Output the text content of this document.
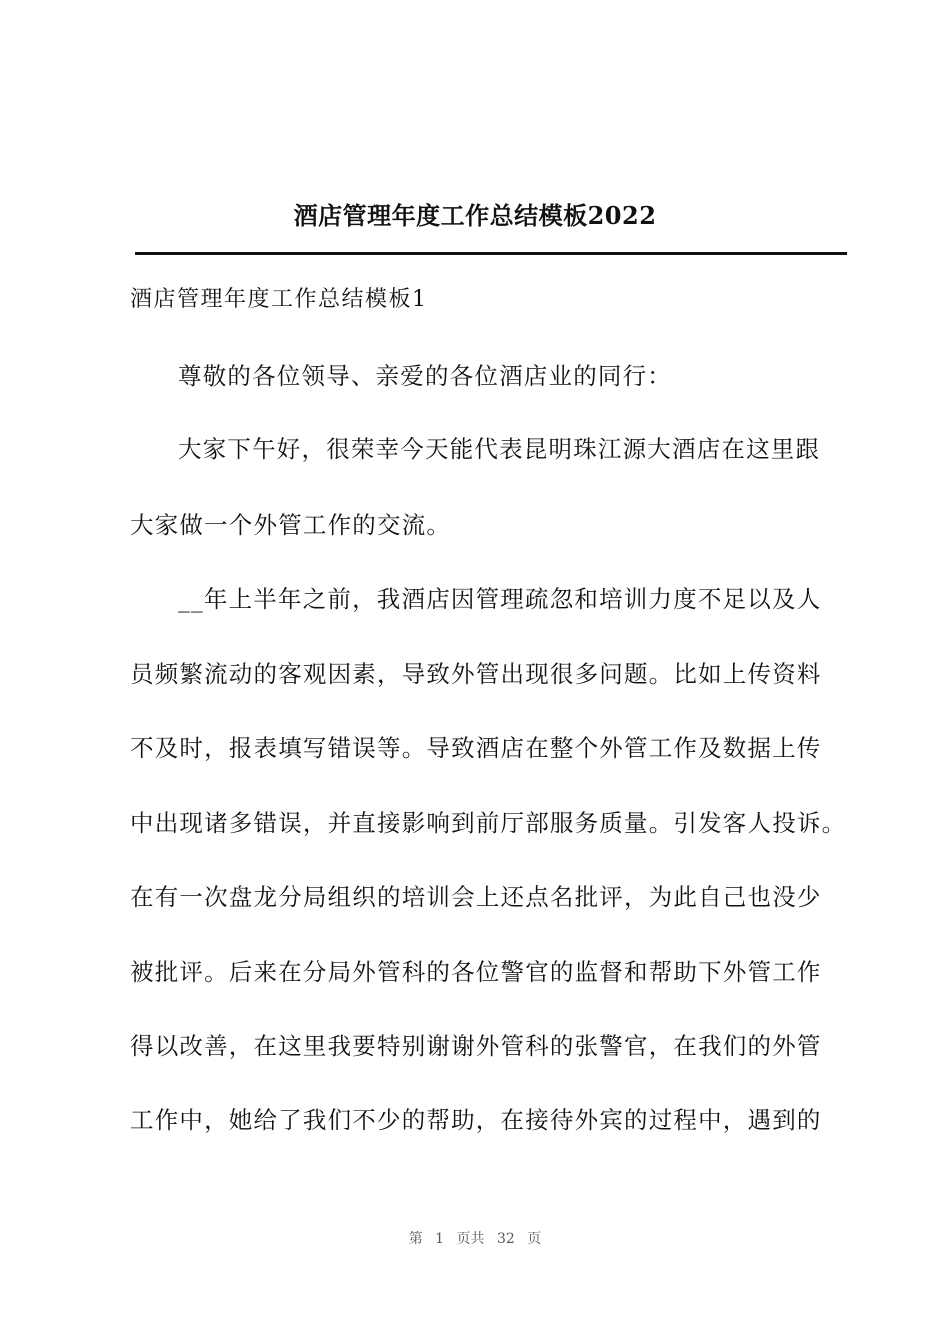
酒店管理年度工作总结模板2022
酒店管理年度工作总结模板1
尊敬的各位领导、亲爱的各位酒店业的同行：
大家下午好，很荣幸今天能代表昆明珠江源大酒店在这里跟
大家做一个外管工作的交流。
__年上半年之前，我酒店因管理疏忽和培训力度不足以及人
员频繁流动的客观因素，导致外管出现很多问题。比如上传资料
不及时，报表填写错误等。导致酒店在整个外管工作及数据上传
中出现诸多错误，并直接影响到前厅部服务质量。引发客人投诉。
在有一次盘龙分局组织的培训会上还点名批评，为此自己也没少
被批评。后来在分局外管科的各位警官的监督和帮助下外管工作
得以改善，在这里我要特别谢谢外管科的张警官，在我们的外管
工作中，她给了我们不少的帮助，在接待外宾的过程中，遇到的
第 1 页共 32 页
